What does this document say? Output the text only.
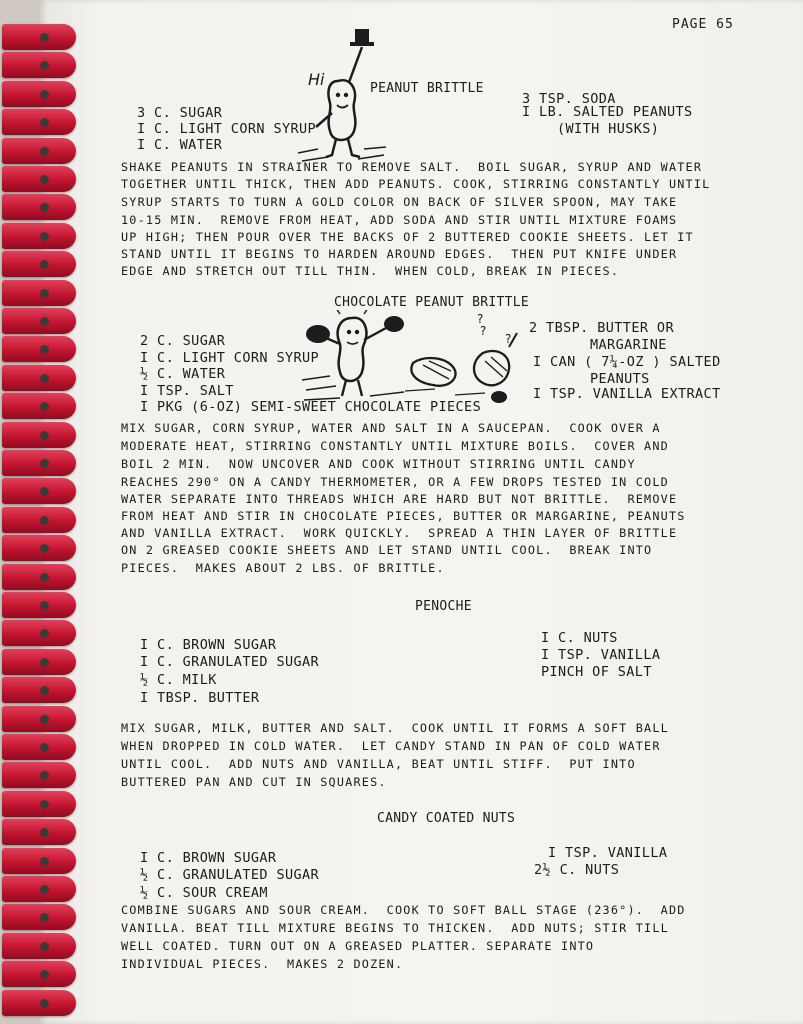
PAGE 65
PEANUT BRITTLE
3 C. SUGAR
I C. LIGHT CORN SYRUP
I C. WATER
3 TSP. SODA
I LB. SALTED PEANUTS
(WITH HUSKS)
Hi
SHAKE PEANUTS IN STRAINER TO REMOVE SALT.  BOIL SUGAR, SYRUP AND WATER
TOGETHER UNTIL THICK, THEN ADD PEANUTS. COOK, STIRRING CONSTANTLY UNTIL
SYRUP STARTS TO TURN A GOLD COLOR ON BACK OF SILVER SPOON, MAY TAKE
10-15 MIN.  REMOVE FROM HEAT, ADD SODA AND STIR UNTIL MIXTURE FOAMS
UP HIGH; THEN POUR OVER THE BACKS OF 2 BUTTERED COOKIE SHEETS. LET IT
STAND UNTIL IT BEGINS TO HARDEN AROUND EDGES.  THEN PUT KNIFE UNDER
EDGE AND STRETCH OUT TILL THIN.  WHEN COLD, BREAK IN PIECES.
CHOCOLATE PEANUT BRITTLE
2 C. SUGAR
I C. LIGHT CORN SYRUP
½ C. WATER
I TSP. SALT
I PKG (6-OZ) SEMI-SWEET CHOCOLATE PIECES
2 TBSP. BUTTER OR
MARGARINE
I CAN ( 7¼-OZ ) SALTED
PEANUTS
I TSP. VANILLA EXTRACT
?
?
?
MIX SUGAR, CORN SYRUP, WATER AND SALT IN A SAUCEPAN.  COOK OVER A
MODERATE HEAT, STIRRING CONSTANTLY UNTIL MIXTURE BOILS.  COVER AND
BOIL 2 MIN.  NOW UNCOVER AND COOK WITHOUT STIRRING UNTIL CANDY
REACHES 290° ON A CANDY THERMOMETER, OR A FEW DROPS TESTED IN COLD
WATER SEPARATE INTO THREADS WHICH ARE HARD BUT NOT BRITTLE.  REMOVE
FROM HEAT AND STIR IN CHOCOLATE PIECES, BUTTER OR MARGARINE, PEANUTS
AND VANILLA EXTRACT.  WORK QUICKLY.  SPREAD A THIN LAYER OF BRITTLE
ON 2 GREASED COOKIE SHEETS AND LET STAND UNTIL COOL.  BREAK INTO
PIECES.  MAKES ABOUT 2 LBS. OF BRITTLE.
PENOCHE
I C. BROWN SUGAR
I C. GRANULATED SUGAR
½ C. MILK
I TBSP. BUTTER
I C. NUTS
I TSP. VANILLA
PINCH OF SALT
MIX SUGAR, MILK, BUTTER AND SALT.  COOK UNTIL IT FORMS A SOFT BALL
WHEN DROPPED IN COLD WATER.  LET CANDY STAND IN PAN OF COLD WATER
UNTIL COOL.  ADD NUTS AND VANILLA, BEAT UNTIL STIFF.  PUT INTO
BUTTERED PAN AND CUT IN SQUARES.
CANDY COATED NUTS
I C. BROWN SUGAR
½ C. GRANULATED SUGAR
½ C. SOUR CREAM
I TSP. VANILLA
2½ C. NUTS
COMBINE SUGARS AND SOUR CREAM.  COOK TO SOFT BALL STAGE (236°).  ADD
VANILLA. BEAT TILL MIXTURE BEGINS TO THICKEN.  ADD NUTS; STIR TILL
WELL COATED. TURN OUT ON A GREASED PLATTER. SEPARATE INTO
INDIVIDUAL PIECES.  MAKES 2 DOZEN.
